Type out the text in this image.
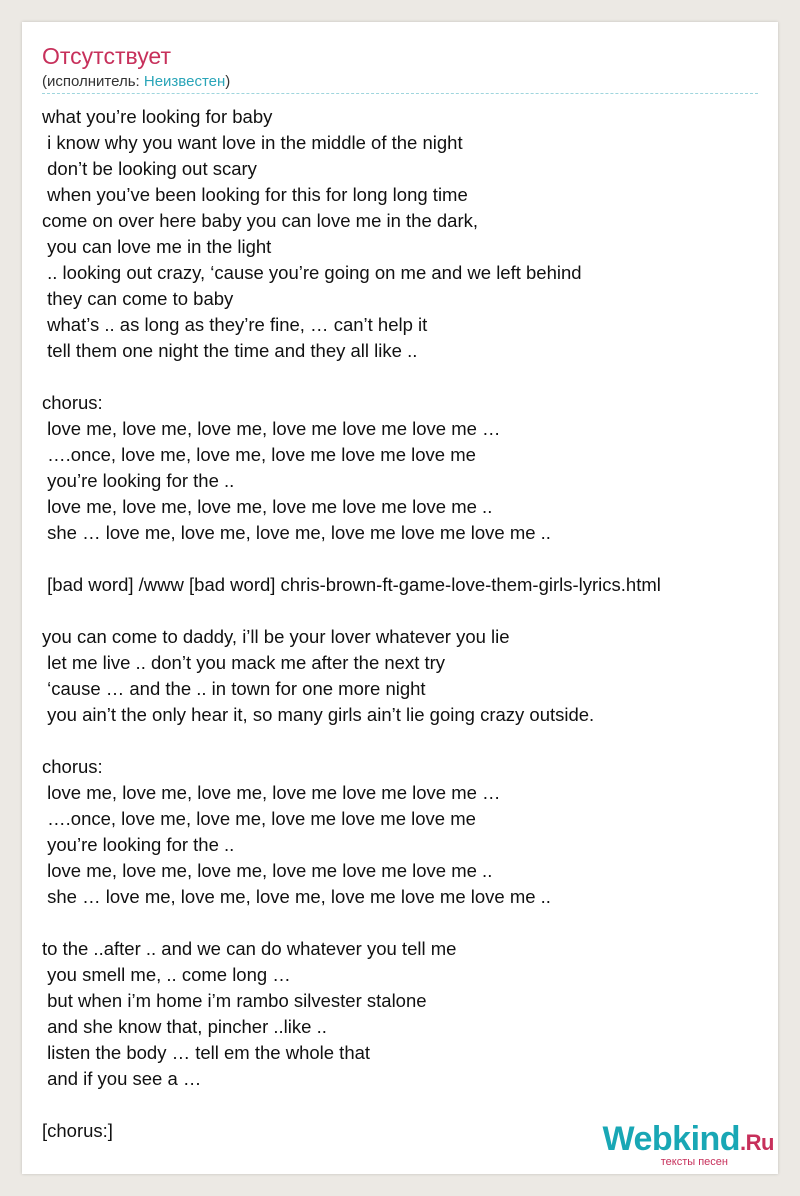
Отсутствует
(исполнитель: Неизвестен)
what you’re looking for baby
i know why you want love in the middle of the night
don’t be looking out scary
when you’ve been looking for this for long long time
come on over here baby you can love me in the dark,
you can love me in the light
.. looking out crazy, ‘cause you’re going on me and we left behind
they can come to baby
what’s .. as long as they’re fine, … can’t help it
tell them one night the time and they all like ..

chorus:
love me, love me, love me, love me love me love me …
….once, love me, love me, love me love me love me
you’re looking for the ..
love me, love me, love me, love me love me love me ..
she … love me, love me, love me, love me love me love me ..

[bad word] /www [bad word] chris-brown-ft-game-love-them-girls-lyrics.html

you can come to daddy, i’ll be your lover whatever you lie
let me live .. don’t you mack me after the next try
‘cause … and the .. in town for one more night
you ain’t the only hear it, so many girls ain’t lie going crazy outside.

chorus:
love me, love me, love me, love me love me love me …
….once, love me, love me, love me love me love me
you’re looking for the ..
love me, love me, love me, love me love me love me ..
she … love me, love me, love me, love me love me love me ..

to the ..after .. and we can do whatever you tell me
you smell me, .. come long …
but when i’m home i’m rambo silvester stalone
and she know that, pincher ..like ..
listen the body … tell em the whole that
and if you see a …

[chorus:]	Webkind.Ru
тексты песен
